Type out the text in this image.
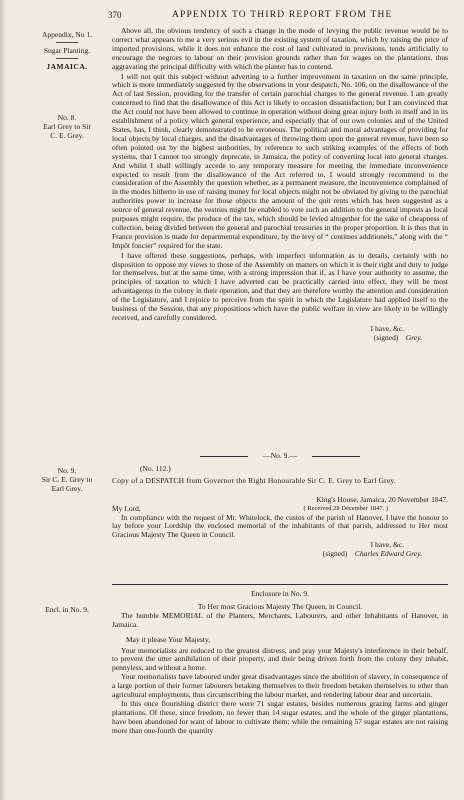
370	APPENDIX TO THIRD REPORT FROM THE
Appendix, No 1.
Sugar Planting.
JAMAICA.
No. 8.
Earl Grey to Sir
C. E. Grey.
No. 9.
Sir C. E. Grey to
Earl Grey.
Encl. in No. 9.

Above all, the obvious tendency of such a change in the mode of levying the public revenue would be to correct what appears to me a very serious evil in the existing system of taxation, which by raising the price of imported provisions, while it does not enhance the cost of land cultivated in provisions, tends artificially to encourage the negroes to labour on their provision grounds rather than for wages on the plantations, thus aggravating the principal difficulty with which the planter has to contend.

I will not quit this subject without adverting to a further improvement in taxation on the same principle, which is more immediately suggested by the observations in your despatch, No. 106, on the disallowance of the Act of last Session, providing for the transfer of certain parochial charges to the general revenue. I am greatly concerned to find that the disallowance of this Act is likely to occasion dissatisfaction; but I am convinced that the Act could not have been allowed to continue in operation without doing great injury both in itself and in its establishment of a policy which general experience, and especially that of our own colonies and of the United States, has, I think, clearly demonstrated to be erroneous. The political and moral advantages of providing for local objects by local charges, and the disadvantages of throwing them upon the general revenue, have been so often pointed out by the highest authorities, by reference to such striking examples of the effects of both systems, that I cannot too strongly deprecate, in Jamaica, the policy of converting local into general charges. And whilst I shall willingly accede to any temporary measure for meeting the immediate inconvenience expected to result from the disallowance of the Act referred to, I would strongly recommend to the consideration of the Assembly the question whether, as a permanent measure, the inconvenience complained of in the modes hitherto in use of raising money for local objects might not be obviated by giving to the parochial authorities power to increase for those objects the amount of the quit rents which has been suggested as a source of general revenue, the vestries might be enabled to vote such an addition to the general imposts as local purposes might require, the produce of the tax, which should be levied altogether for the sake of cheapness of collection, being divided between the general and parochial treasuries in the proper proportion. It is thus that in France provision is made for departmental expenditure, by the levy of “ centimes additionels,” along with the “ Impôt foncier” required for the state.

I have offered these suggestions, perhaps, with imperfect information as to details, certainly with no disposition to oppose my views to those of the Assembly on matters on which it is their right and duty to judge for themselves, but at the same time, with a strong impression that if, as I have your authority to assume, the principles of taxation to which I have adverted can be practically carried into effect, they will be most advantageous to the colony in their operation, and that they are therefore worthy the attention and consideration of the Legislature, and I rejoice to perceive from the spirit in which the Legislature had applied itself to the business of the Session, that any propositions which have the public welfare in view are likely to be willingly received, and carefully considered.

I have, &c.
(signed) Grey.
—No. 9.—
(No. 112.)
Copy of a DESPATCH from Governor the Right Honourable Sir C. E. Grey to Earl Grey.
King's House, Jamaica, 20 November 1847.
( Received 28 December 1847. )
My Lord,

In compliance with the request of Mr. Whitelock, the custos of the parish of Hanover, I have the honour to lay before your Lordship the enclosed memorial of the inhabitants of that parish, addressed to Her most Gracious Majesty The Queen in Council.

I have, &c.
(signed) Charles Edward Grey.
Enclosure in No. 9.
To Her most Gracious Majesty The Queen, in Council.
The humble MEMORIAL of the Planters, Merchants, Labourers, and other Inhabitants of Hanover, in Jamaica.
May it please Your Majesty,

Your memorialists are reduced to the greatest distress, and pray your Majesty's interference in their behalf, to prevent the utter annihilation of their property, and their being driven forth from the colony they inhabit, pennyless, and without a home.

Your memorialists have laboured under great disadvantages since the abolition of slavery, in consequence of a large portion of their former labourers betaking themselves to their freedom betaken themselves to other than agricultural employments, thus circumscribing the labour market, and rendering labour dear and uncertain.

In this once flourishing district there were 71 sugar estates, besides numerous grazing farms and ginger plantations. Of these, since freedom, no fewer than 14 sugar estates, and the whole of the ginger plantations, have been abandoned for want of labour to cultivate them; while the remaining 57 sugar estates are not raising more than one-fourth the quantity
